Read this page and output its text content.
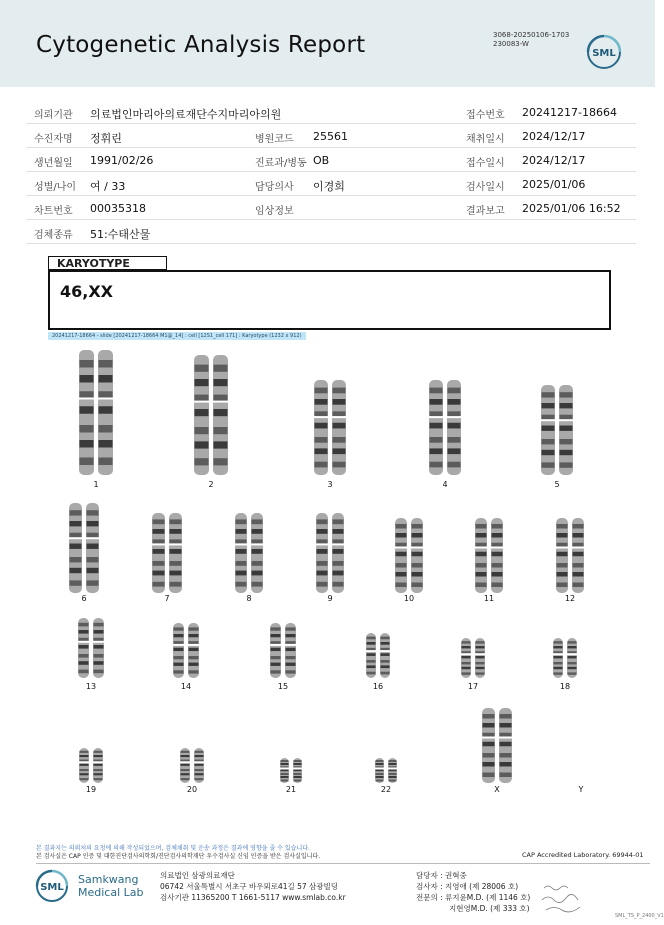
Cytogenetic Analysis Report	3068-20250106-1703
230083-W
SML
의뢰기관 의료법인마리아의료재단수지마리아의원	접수번호 20241217-18664
수진자명 정휘린	병원코드 25561	채취일시 2024/12/17
생년월일 1991/02/26	진료과/병동 OB	접수일시 2024/12/17
성별/나이 여 / 33	담당의사 이경희	검사일시 2025/01/06
차트번호 00035318	임상정보	결과보고 2025/01/06 16:52
검체종류 51:수태산물
KARYOTYPE
46,XX
20241217-18664 - slide [20241217-18664 M1@_14] : cell [12S1_cell 171] : Karyotype (1232 x 912)
1	2	3	4	5
6	7	8	9	10	11	12
13	14	15	16	17	18
19	20	21	22	X	Y
본 결과지는 의뢰처의 요청에 의해 작성되었으며, 검체채취 및 운송 과정은 결과에 영향을 줄 수 있습니다.
본 검사실은 CAP 인증 및 대한진단검사의학회/진단검사의학재단 우수검사실 신임 인증을 받은 검사실입니다.	CAP Accredited Laboratory. 69944-01
SML
Samkwang
Medical Lab
의료법인 삼광의료재단
06742 서울특별시 서초구 바우뫼로41길 57 삼광빌딩
검사기관 11365200 T 1661-5117 www.smlab.co.kr
담당자 : 권혁중
검사자 : 지영애 (제 28006 호)
전문의 : 류지윤M.D. (제 1146 호)
지현영M.D. (제 333 호)
SML_TS_P_2400_V1
